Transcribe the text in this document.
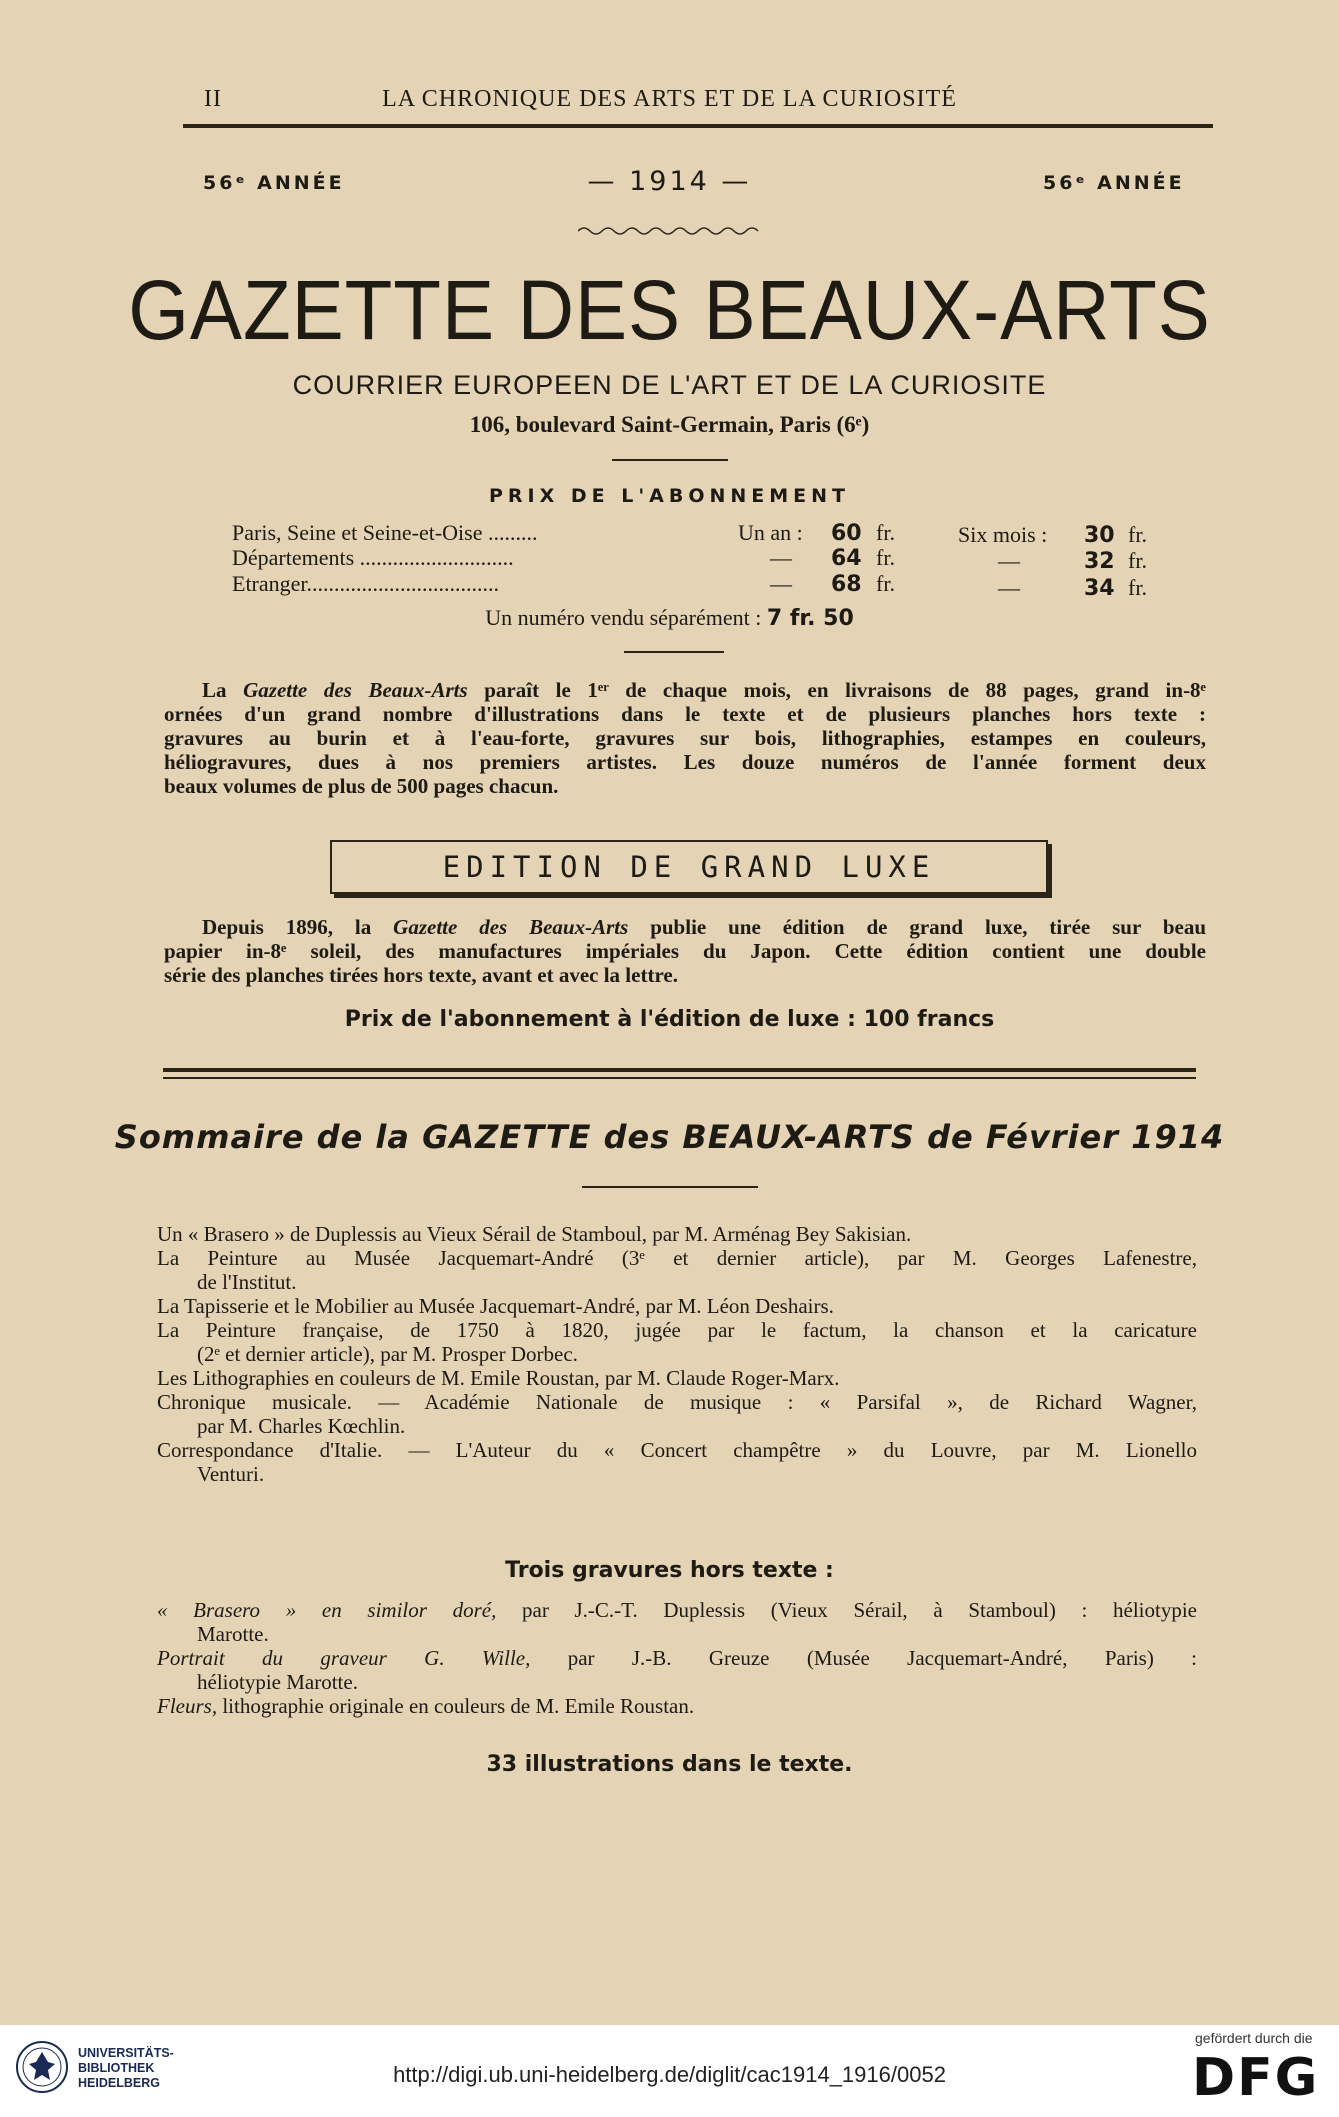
II	LA CHRONIQUE DES ARTS ET DE LA CURIOSITÉ
56ᵉ ANNÉE	— 1914 —	56ᵉ ANNÉE
GAZETTE DES BEAUX-ARTS
COURRIER EUROPEEN DE L'ART ET DE LA CURIOSITE
106, boulevard Saint-Germain, Paris (6ᵉ)
PRIX DE L'ABONNEMENT
Paris, Seine et Seine-et-Oise .........	Un an : 60 fr.	Six mois : 30 fr.
Départements ............................	— 64 fr.	—	32 fr.
Etranger...................................	— 68 fr.	—	34 fr.
Un numéro vendu séparément : 7 fr. 50
La Gazette des Beaux-Arts paraît le 1ᵉʳ de chaque mois, en livraisons de 88 pages, grand in-8ᵉ
ornées d'un grand nombre d'illustrations dans le texte et de plusieurs planches hors texte :
gravures au burin et à l'eau-forte, gravures sur bois, lithographies, estampes en couleurs,
héliogravures, dues à nos premiers artistes. Les douze numéros de l'année forment deux
beaux volumes de plus de 500 pages chacun.
EDITION DE GRAND LUXE
Depuis 1896, la Gazette des Beaux-Arts publie une édition de grand luxe, tirée sur beau
papier in-8ᵉ soleil, des manufactures impériales du Japon. Cette édition contient une double
série des planches tirées hors texte, avant et avec la lettre.
Prix de l'abonnement à l'édition de luxe : 100 francs
Sommaire de la GAZETTE des BEAUX-ARTS de Février 1914
Un « Brasero » de Duplessis au Vieux Sérail de Stamboul, par M. Arménag Bey Sakisian.
La Peinture au Musée Jacquemart-André (3ᵉ et dernier article), par M. Georges Lafenestre,
de l'Institut.
La Tapisserie et le Mobilier au Musée Jacquemart-André, par M. Léon Deshairs.
La Peinture française, de 1750 à 1820, jugée par le factum, la chanson et la caricature
(2ᵉ et dernier article), par M. Prosper Dorbec.
Les Lithographies en couleurs de M. Emile Roustan, par M. Claude Roger-Marx.
Chronique musicale. — Académie Nationale de musique : « Parsifal », de Richard Wagner,
par M. Charles Kœchlin.
Correspondance d'Italie. — L'Auteur du « Concert champêtre » du Louvre, par M. Lionello
Venturi.
Trois gravures hors texte :
« Brasero » en similor doré, par J.-C.-T. Duplessis (Vieux Sérail, à Stamboul) : héliotypie
Marotte.
Portrait du graveur G. Wille, par J.-B. Greuze (Musée Jacquemart-André, Paris) :
héliotypie Marotte.
Fleurs, lithographie originale en couleurs de M. Emile Roustan.
33 illustrations dans le texte.
UNIVERSITÄTS-
BIBLIOTHEK
HEIDELBERG	http://digi.ub.uni-heidelberg.de/diglit/cac1914_1916/0052
gefördert durch die
DFG
